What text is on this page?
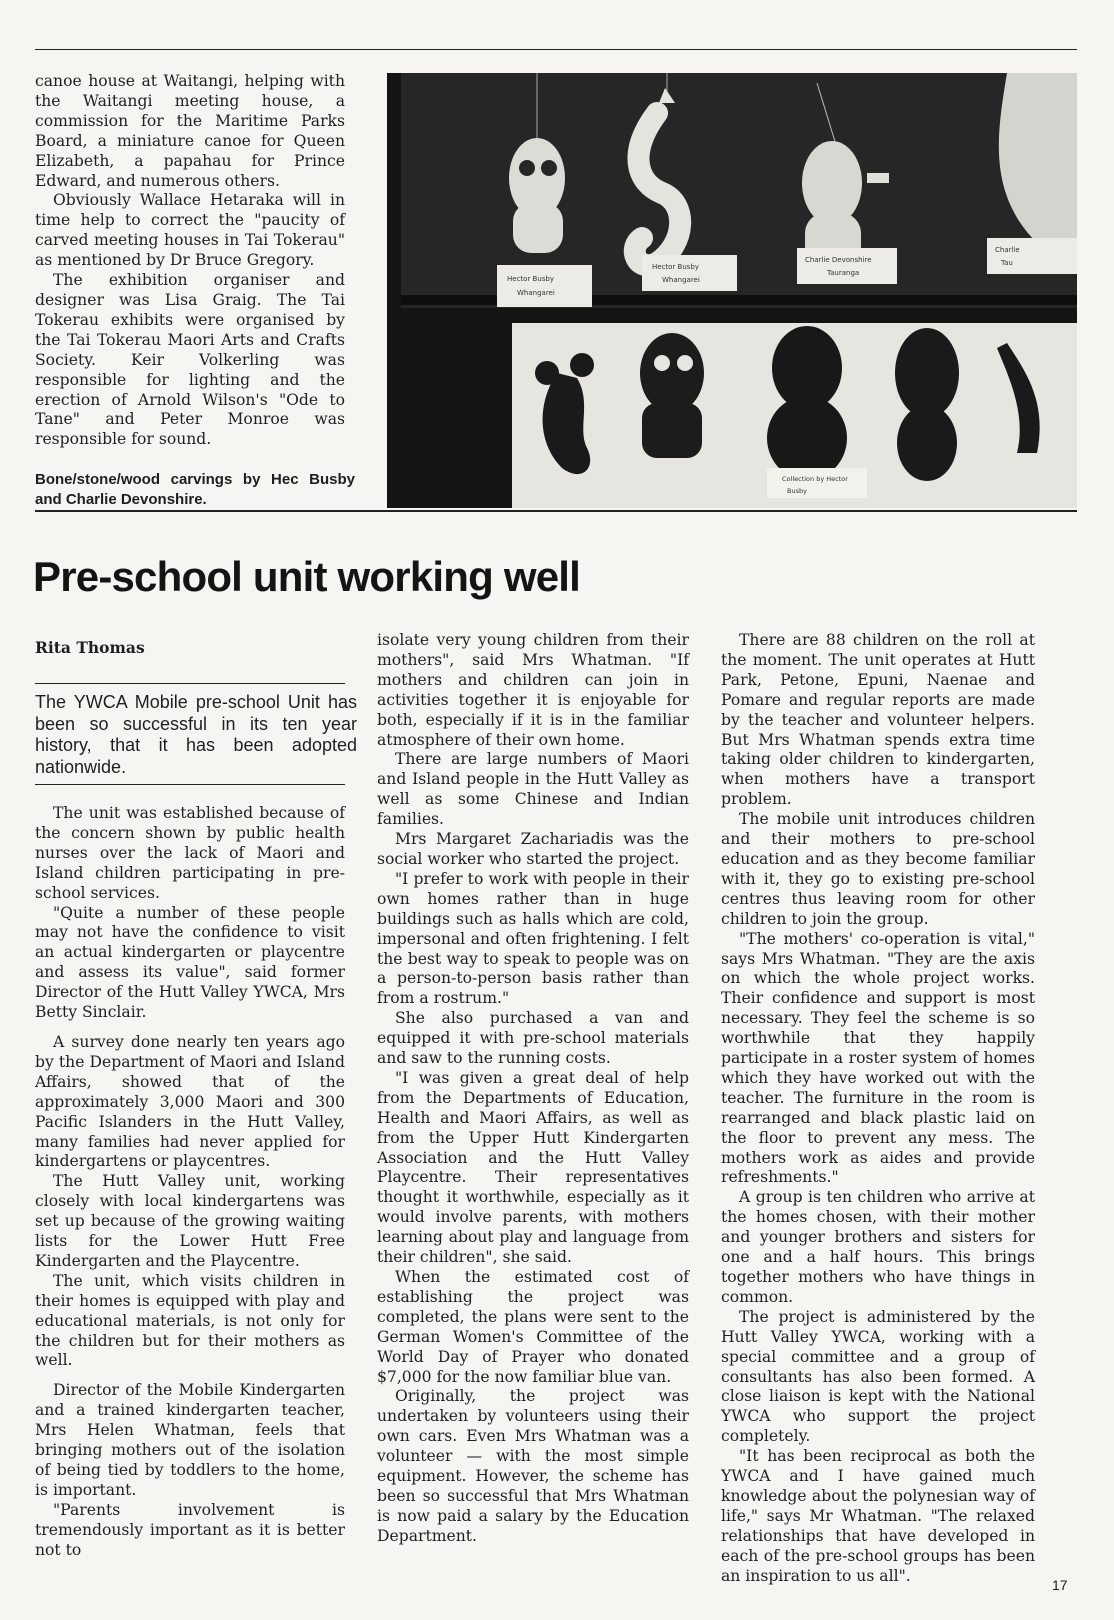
canoe house at Waitangi, helping with the Waitangi meeting house, a commission for the Maritime Parks Board, a miniature canoe for Queen Elizabeth, a papahau for Prince Edward, and numerous others.

Obviously Wallace Hetaraka will in time help to correct the "paucity of carved meeting houses in Tai Tokerau" as mentioned by Dr Bruce Gregory.

The exhibition organiser and designer was Lisa Graig. The Tai Tokerau exhibits were organised by the Tai Tokerau Maori Arts and Crafts Society. Keir Volkerling was responsible for lighting and the erection of Arnold Wilson's "Ode to Tane" and Peter Monroe was responsible for sound.

Bone/stone/wood carvings by Hec Busby and Charlie Devonshire.
Hector Busby
Whangarei
Hector Busby
Whangarei
Charlie Devonshire
Tauranga
Charlie
Tau
Collection by Hector
Busby
Pre-school unit working well
Rita Thomas
The YWCA Mobile pre-school Unit has been so successful in its ten year history, that it has been adopted nationwide.

The unit was established because of the concern shown by public health nurses over the lack of Maori and Island children participating in pre-school services.

"Quite a number of these people may not have the confidence to visit an actual kindergarten or playcentre and assess its value", said former Director of the Hutt Valley YWCA, Mrs Betty Sinclair.

A survey done nearly ten years ago by the Department of Maori and Island Affairs, showed that of the approximately 3,000 Maori and 300 Pacific Islanders in the Hutt Valley, many families had never applied for kindergartens or playcentres.

The Hutt Valley unit, working closely with local kindergartens was set up because of the growing waiting lists for the Lower Hutt Free Kindergarten and the Playcentre.

The unit, which visits children in their homes is equipped with play and educational materials, is not only for the children but for their mothers as well.

Director of the Mobile Kindergarten and a trained kindergarten teacher, Mrs Helen Whatman, feels that bringing mothers out of the isolation of being tied by toddlers to the home, is important.

"Parents involvement is tremendously important as it is better not to

isolate very young children from their mothers", said Mrs Whatman. "If mothers and children can join in activities together it is enjoyable for both, especially if it is in the familiar atmosphere of their own home.

There are large numbers of Maori and Island people in the Hutt Valley as well as some Chinese and Indian families.

Mrs Margaret Zachariadis was the social worker who started the project.

"I prefer to work with people in their own homes rather than in huge buildings such as halls which are cold, impersonal and often frightening. I felt the best way to speak to people was on a person-to-person basis rather than from a rostrum."

She also purchased a van and equipped it with pre-school materials and saw to the running costs.

"I was given a great deal of help from the Departments of Education, Health and Maori Affairs, as well as from the Upper Hutt Kindergarten Association and the Hutt Valley Playcentre. Their representatives thought it worthwhile, especially as it would involve parents, with mothers learning about play and language from their children", she said.

When the estimated cost of establishing the project was completed, the plans were sent to the German Women's Committee of the World Day of Prayer who donated $7,000 for the now familiar blue van.

Originally, the project was undertaken by volunteers using their own cars. Even Mrs Whatman was a volunteer — with the most simple equipment. However, the scheme has been so successful that Mrs Whatman is now paid a salary by the Education Department.

There are 88 children on the roll at the moment. The unit operates at Hutt Park, Petone, Epuni, Naenae and Pomare and regular reports are made by the teacher and volunteer helpers. But Mrs Whatman spends extra time taking older children to kindergarten, when mothers have a transport problem.

The mobile unit introduces children and their mothers to pre-school education and as they become familiar with it, they go to existing pre-school centres thus leaving room for other children to join the group.

"The mothers' co-operation is vital," says Mrs Whatman. "They are the axis on which the whole project works. Their confidence and support is most necessary. They feel the scheme is so worthwhile that they happily participate in a roster system of homes which they have worked out with the teacher. The furniture in the room is rearranged and black plastic laid on the floor to prevent any mess. The mothers work as aides and provide refreshments."

A group is ten children who arrive at the homes chosen, with their mother and younger brothers and sisters for one and a half hours. This brings together mothers who have things in common.

The project is administered by the Hutt Valley YWCA, working with a special committee and a group of consultants has also been formed. A close liaison is kept with the National YWCA who support the project completely.

"It has been reciprocal as both the YWCA and I have gained much knowledge about the polynesian way of life," says Mr Whatman. "The relaxed relationships that have developed in each of the pre-school groups has been an inspiration to us all".

17
